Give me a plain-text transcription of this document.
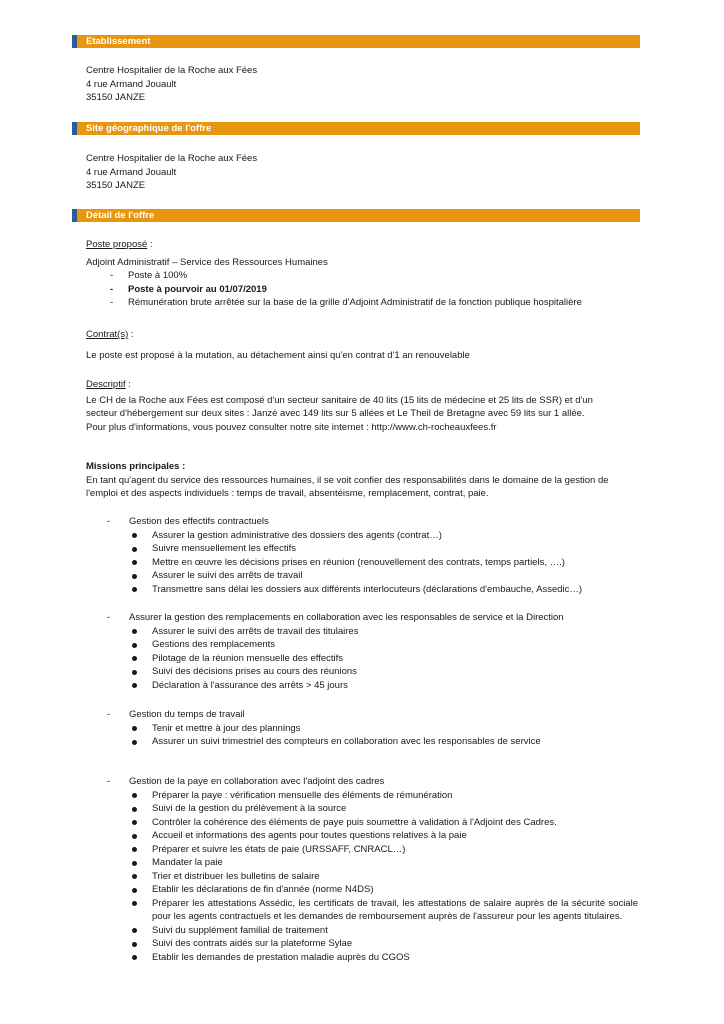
Etablissement
Centre Hospitalier de la Roche aux Fées
4 rue Armand Jouault
35150 JANZE
Site géographique de l'offre
Centre Hospitalier de la Roche aux Fées
4 rue Armand Jouault
35150 JANZE
Détail de l'offre
Poste proposé :
Adjoint Administratif – Service des Ressources Humaines
- Poste à 100%
- Poste à pourvoir au 01/07/2019
- Rémunération brute arrêtée sur la base de la grille d'Adjoint Administratif de la fonction publique hospitalière
Contrat(s) :
Le poste est proposé à la mutation, au détachement ainsi qu'en contrat d'1 an renouvelable
Descriptif :
Le CH de la Roche aux Fées est composé d'un secteur sanitaire de 40 lits (15 lits de médecine et 25 lits de SSR) et d'un
secteur d'hébergement sur deux sites : Janzé avec 149 lits sur 5 allées et Le Theil de Bretagne avec 59 lits sur 1 allée.
Pour plus d'informations, vous pouvez consulter notre site internet : http://www.ch-rocheauxfees.fr
Missions principales :
En tant qu'agent du service des ressources humaines, il se voit confier des responsabilités dans le domaine de la gestion de
l'emploi et des aspects individuels : temps de travail, absentéisme, remplacement, contrat, paie.
- Gestion des effectifs contractuels
Assurer la gestion administrative des dossiers des agents (contrat…)
Suivre mensuellement les effectifs
Mettre en œuvre les décisions prises en réunion (renouvellement des contrats, temps partiels, ….)
Assurer le suivi des arrêts de travail
Transmettre sans délai les dossiers aux différents interlocuteurs (déclarations d'embauche, Assedic…)
- Assurer la gestion des remplacements en collaboration avec les responsables de service et la Direction
Assurer le suivi des arrêts de travail des titulaires
Gestions des remplacements
Pilotage de la réunion mensuelle des effectifs
Suivi des décisions prises au cours des réunions
Déclaration à l'assurance des arrêts > 45 jours
- Gestion du temps de travail
Tenir et mettre à jour des plannings
Assurer un suivi trimestriel des compteurs en collaboration avec les responsables de service
- Gestion de la paye en collaboration avec l'adjoint des cadres
Préparer la paye : vérification mensuelle des éléments de rémunération
Suivi de la gestion du prélèvement à la source
Contrôler la cohérence des éléments de paye puis soumettre à validation à l'Adjoint des Cadres.
Accueil et informations des agents pour toutes questions relatives à la paie
Préparer et suivre les états de paie (URSSAFF, CNRACL…)
Mandater la paie
Trier et distribuer les bulletins de salaire
Etablir les déclarations de fin d'année (norme N4DS)
Préparer les attestations Assédic, les certificats de travail, les attestations de salaire auprès de la sécurité sociale pour les agents contractuels et les demandes de remboursement auprès de l'assureur pour les agents titulaires.
Suivi du supplément familial de traitement
Suivi des contrats aidés sur la plateforme Sylae
Etablir les demandes de prestation maladie auprès du CGOS
